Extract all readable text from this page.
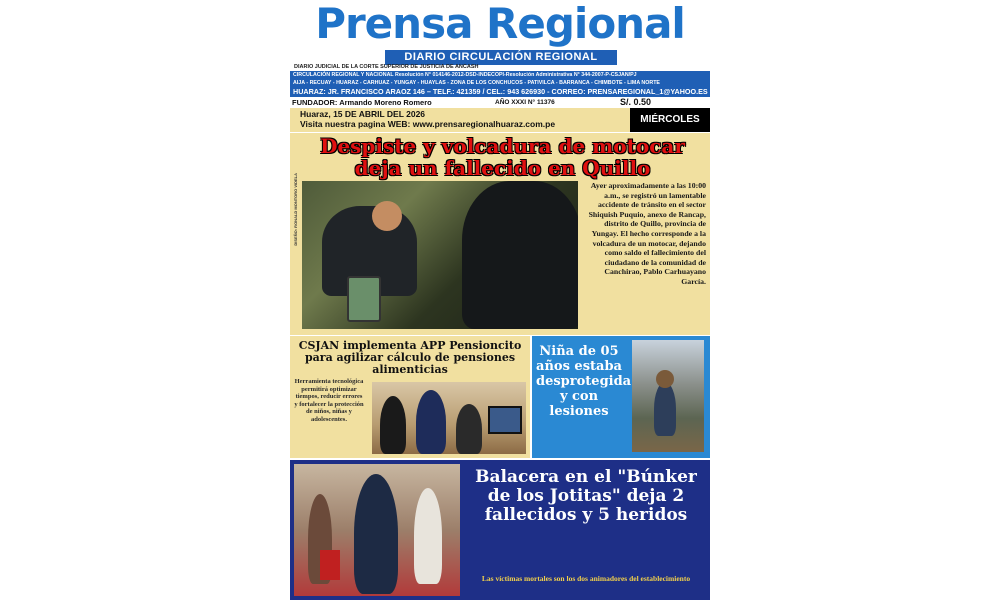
Prensa Regional
DIARIO CIRCULACIÓN REGIONAL
DIARIO JUDICIAL DE LA CORTE SUPERIOR DE JUSTICIA DE ANCASH
CIRCULACIÓN REGIONAL Y NACIONAL Resolución N° 014146-2012-DSD-INDECOPI-Resolución Administrativa N° 344-2007-P-CSJAN/PJ
AIJA - RECUAY - HUARAZ - CARHUAZ - YUNGAY - HUAYLAS - ZONA DE LOS CONCHUCOS - PATIVILCA - BARRANCA - CHIMBOTE - LIMA NORTE
HUARAZ: JR. FRANCISCO ARAOZ 146 – TELF.: 421359 / CEL.: 943 626930 - CORREO: PRENSAREGIONAL_1@YAHOO.ES
FUNDADOR: Armando Moreno Romero	AÑO XXXI N° 11376	S/. 0.50
Huaraz, 15 DE ABRIL DEL 2026
Visita nuestra pagina WEB: www.prensaregionalhuaraz.com.pe	MIÉRCOLES
DISEÑO: RONALD MONTORO VIDELA
Despiste y volcadura de motocar deja un fallecido en Quillo
Ayer aproximadamente a las 10:00 a.m., se registró un lamentable accidente de tránsito en el sector Shiquish Puquio, anexo de Rancap, distrito de Quillo, provincia de Yungay. El hecho corresponde a la volcadura de un motocar, dejando como saldo el fallecimiento del ciudadano de la comunidad de Canchirao, Pablo Carhuayano García.
CSJAN implementa APP Pensioncito para agilizar cálculo de pensiones alimenticias
Herramienta tecnológica permitirá optimizar tiempos, reducir errores y fortalecer la protección de niños, niñas y adolescentes.
Niña de 05 años estaba desprotegida y con lesiones
Balacera en el "Búnker de los Jotitas" deja 2 fallecidos y 5 heridos
Las víctimas mortales son los dos animadores del establecimiento
